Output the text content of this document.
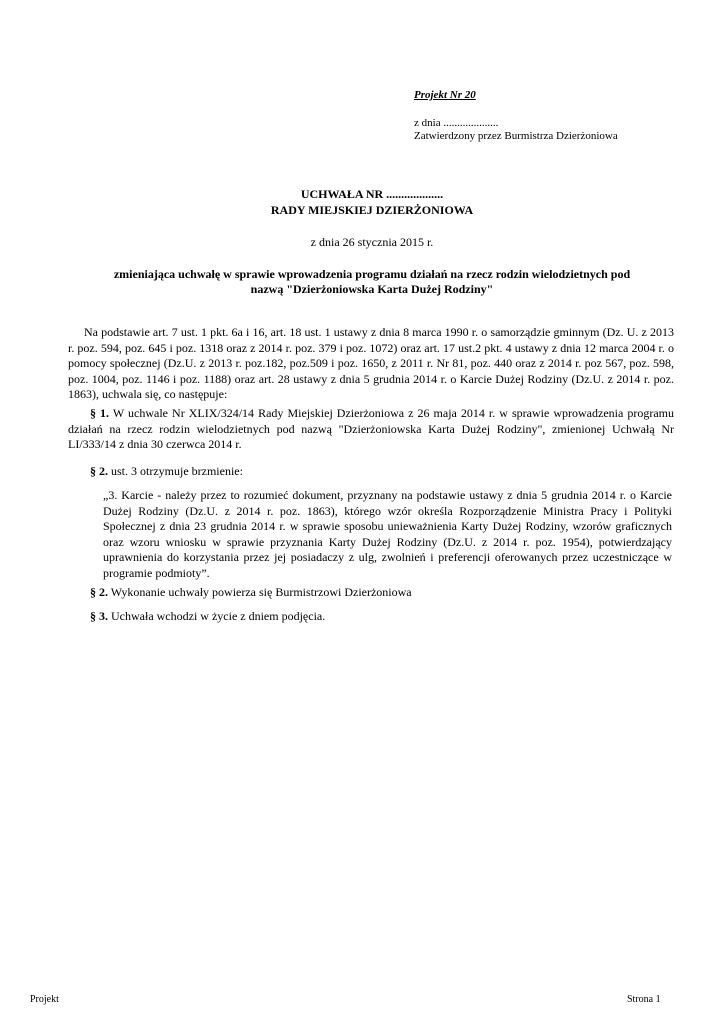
Projekt Nr 20
z dnia ....................
Zatwierdzony przez Burmistrza Dzierżoniowa
UCHWAŁA NR ...................
RADY MIEJSKIEJ DZIERŻONIOWA
z dnia 26 stycznia 2015 r.
zmieniająca uchwałę w sprawie wprowadzenia programu działań na rzecz rodzin wielodzietnych pod
nazwą "Dzierżoniowska Karta Dużej Rodziny"
Na podstawie art. 7 ust. 1 pkt. 6a i 16, art. 18 ust. 1 ustawy z dnia 8 marca 1990 r. o samorządzie gminnym (Dz. U. z 2013 r. poz. 594, poz. 645 i poz. 1318 oraz z 2014 r. poz. 379 i poz. 1072) oraz art. 17 ust.2 pkt. 4 ustawy z dnia 12 marca 2004 r. o pomocy społecznej (Dz.U. z 2013 r. poz.182, poz.509 i poz. 1650, z 2011 r. Nr 81, poz. 440 oraz z 2014 r. poz 567, poz. 598, poz. 1004, poz. 1146 i poz. 1188) oraz art. 28 ustawy z dnia 5 grudnia 2014 r. o Karcie Dużej Rodziny (Dz.U. z 2014 r. poz. 1863), uchwala się, co następuje:
§ 1. W uchwale Nr XLIX/324/14 Rady Miejskiej Dzierżoniowa z 26 maja 2014 r. w sprawie wprowadzenia programu działań na rzecz rodzin wielodzietnych pod nazwą "Dzierżoniowska Karta Dużej Rodziny", zmienionej Uchwałą Nr LI/333/14 z dnia 30 czerwca 2014 r.
§ 2. ust. 3 otrzymuje brzmienie:
„3. Karcie - należy przez to rozumieć dokument, przyznany na podstawie ustawy z dnia 5 grudnia 2014 r. o Karcie Dużej Rodziny (Dz.U. z 2014 r. poz. 1863), którego wzór określa Rozporządzenie Ministra Pracy i Polityki Społecznej z dnia 23 grudnia 2014 r. w sprawie sposobu unieważnienia Karty Dużej Rodziny, wzorów graficznych oraz wzoru wniosku w sprawie przyznania Karty Dużej Rodziny (Dz.U. z 2014 r. poz. 1954), potwierdzający uprawnienia do korzystania przez jej posiadaczy z ulg, zwolnień i preferencji oferowanych przez uczestniczące w programie podmioty”.
§ 2. Wykonanie uchwały powierza się Burmistrzowi Dzierżoniowa
§ 3. Uchwała wchodzi w życie z dniem podjęcia.
Projekt	Strona 1
